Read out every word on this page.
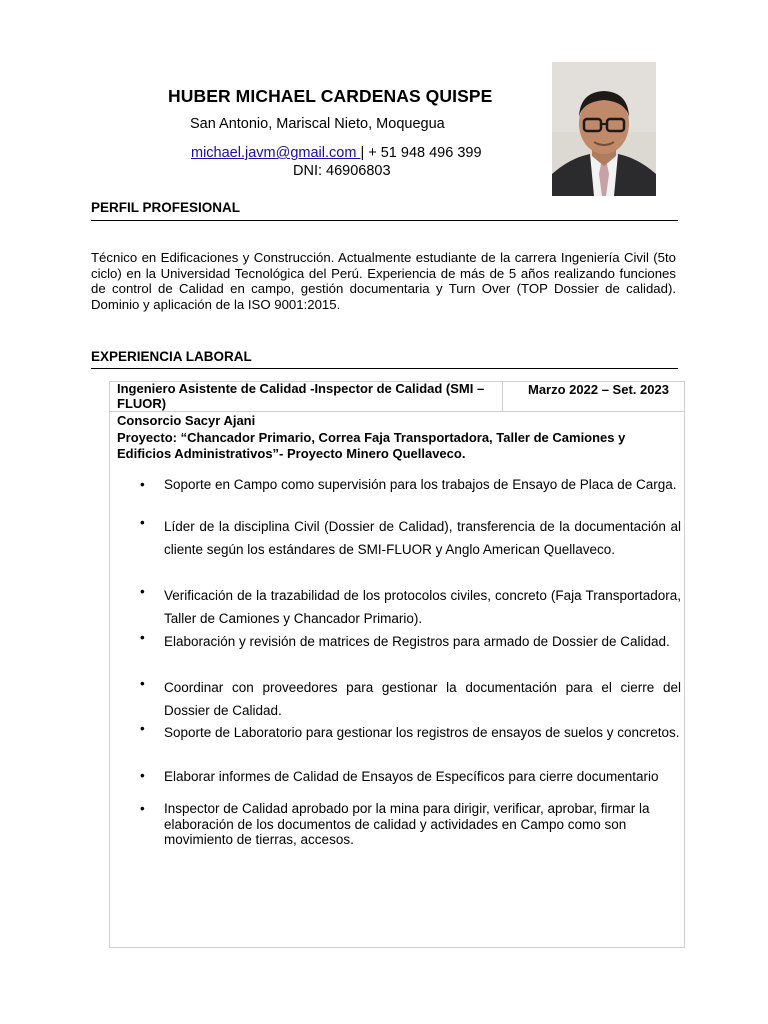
HUBER MICHAEL CARDENAS QUISPE
San Antonio, Mariscal Nieto, Moquegua
michael.javm@gmail.com | + 51 948 496 399
DNI: 46906803
PERFIL PROFESIONAL
Técnico en Edificaciones y Construcción. Actualmente estudiante de la carrera Ingeniería Civil (5to ciclo) en la Universidad Tecnológica del Perú. Experiencia de más de 5 años realizando funciones de control de Calidad en campo, gestión documentaria y Turn Over (TOP Dossier de calidad). Dominio y aplicación de la ISO 9001:2015.
EXPERIENCIA LABORAL
Ingeniero Asistente de Calidad -Inspector de Calidad (SMI – FLUOR)
Marzo 2022 – Set. 2023
Consorcio Sacyr Ajani
Proyecto: “Chancador Primario, Correa Faja Transportadora, Taller de Camiones y Edificios Administrativos”- Proyecto Minero Quellaveco.
• Soporte en Campo como supervisión para los trabajos de Ensayo de Placa de Carga.
• Líder de la disciplina Civil (Dossier de Calidad), transferencia de la documentación al cliente según los estándares de SMI-FLUOR y Anglo American Quellaveco.
• Verificación de la trazabilidad de los protocolos civiles, concreto (Faja Transportadora, Taller de Camiones y Chancador Primario).
• Elaboración y revisión de matrices de Registros para armado de Dossier de Calidad.
• Coordinar con proveedores para gestionar la documentación para el cierre del Dossier de Calidad.
• Soporte de Laboratorio para gestionar los registros de ensayos de suelos y concretos.
• Elaborar informes de Calidad de Ensayos de Específicos para cierre documentario
• Inspector de Calidad aprobado por la mina para dirigir, verificar, aprobar, firmar la elaboración de los documentos de calidad y actividades en Campo como son movimiento de tierras, accesos.
